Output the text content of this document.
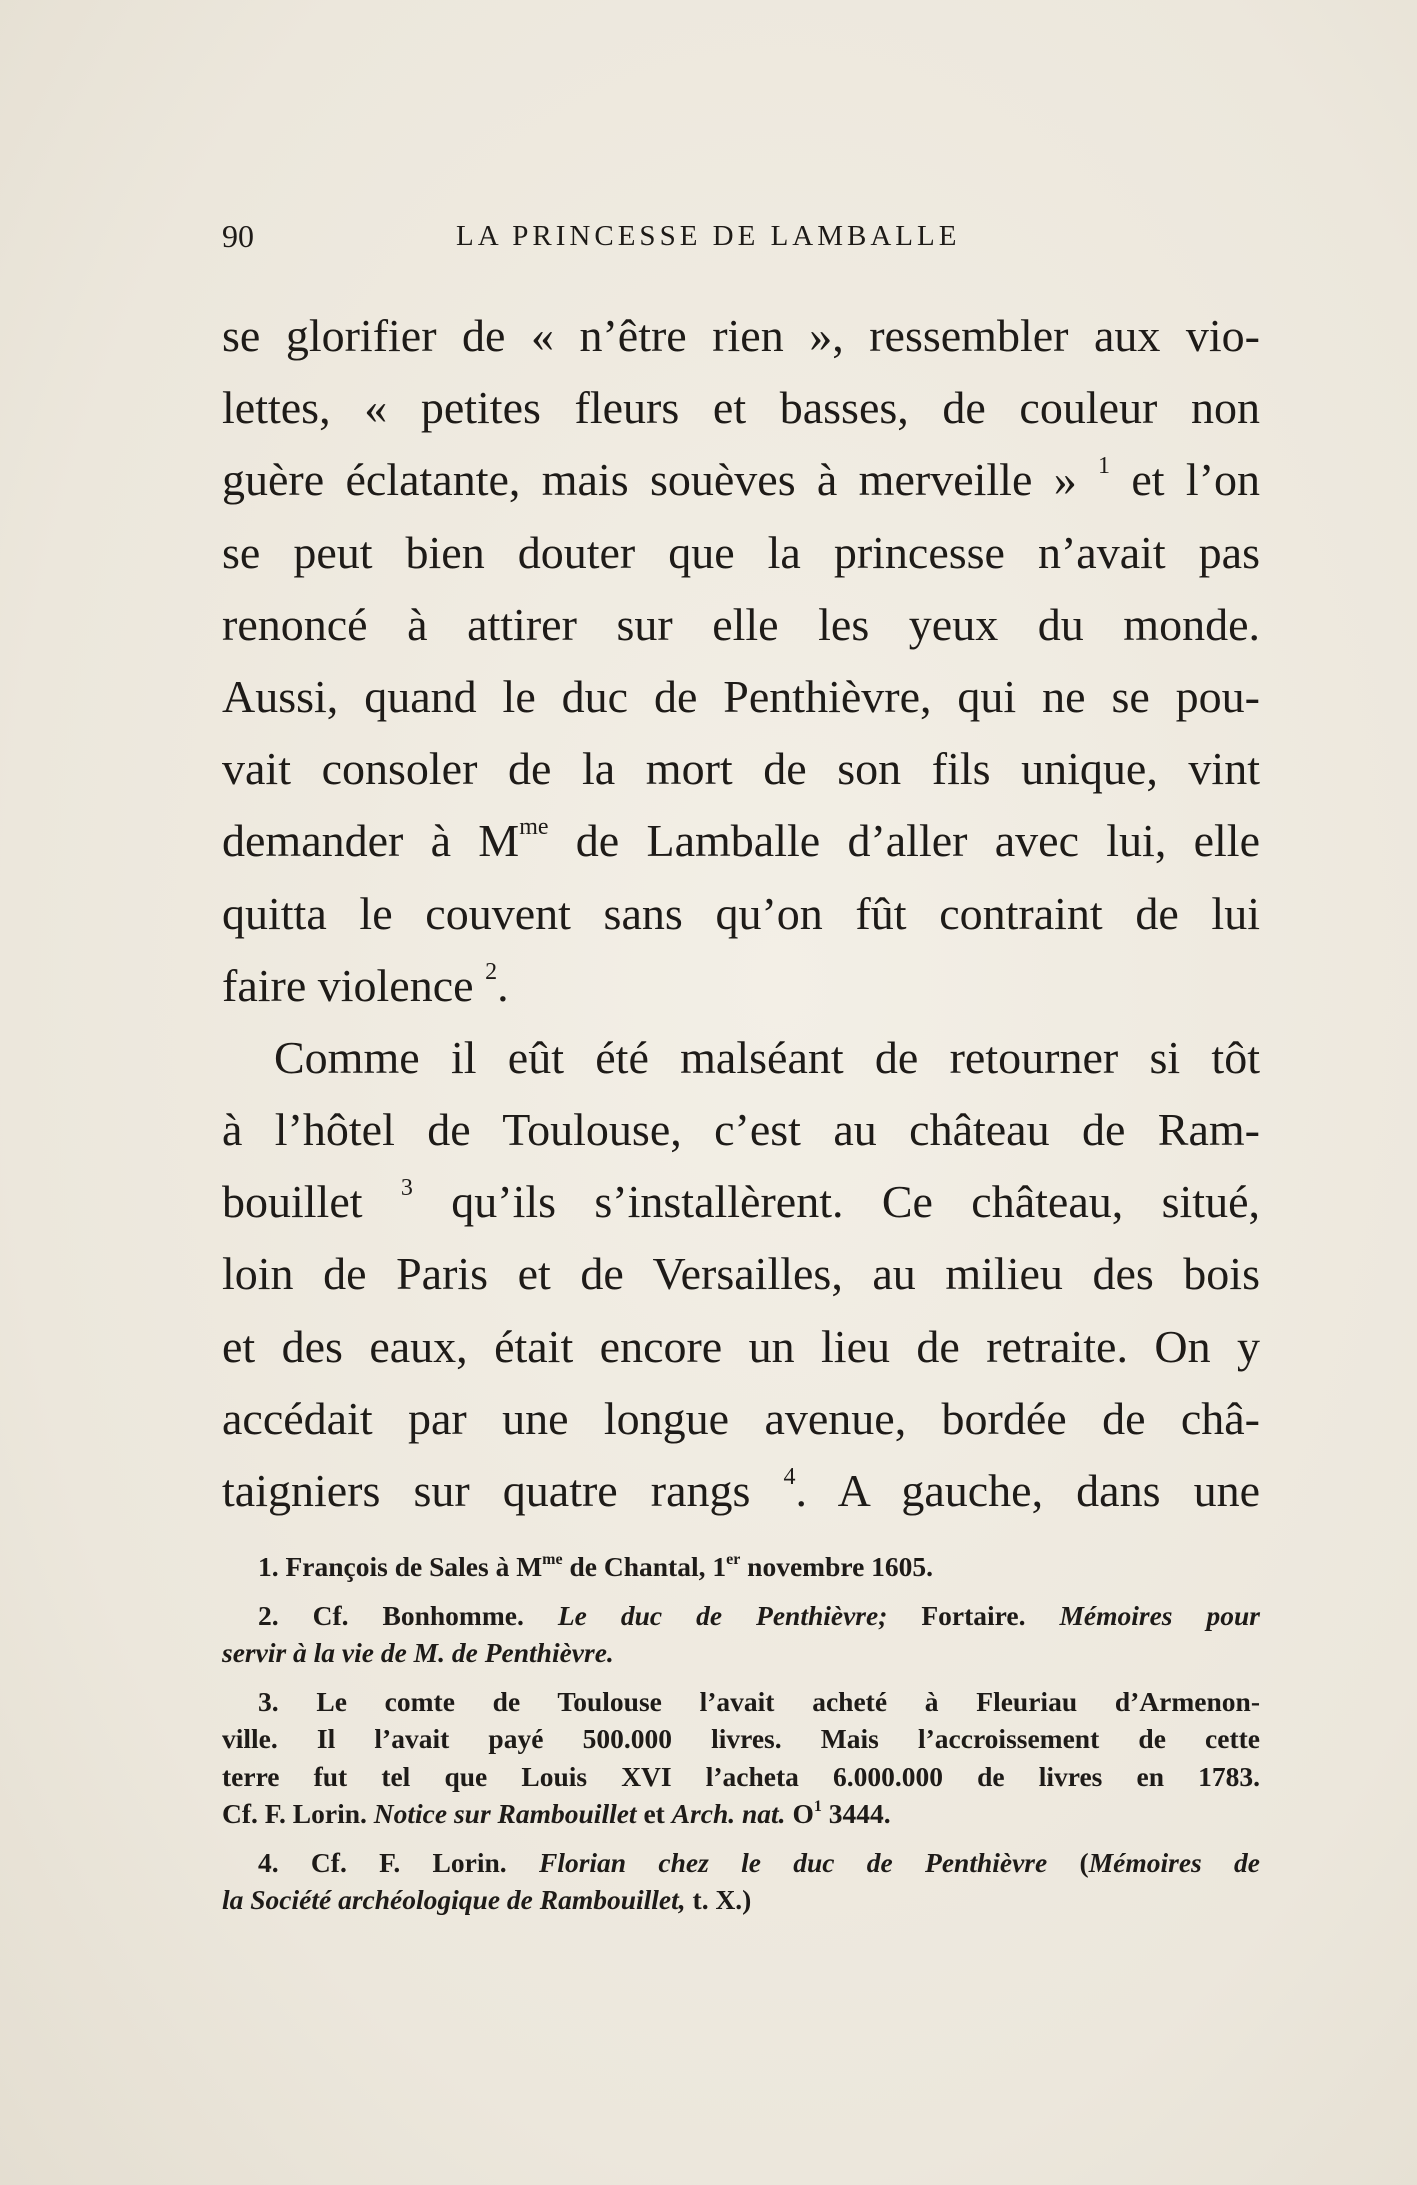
90	LA PRINCESSE DE LAMBALLE
se glorifier de « n’être rien », ressembler aux vio-
lettes, « petites fleurs et basses, de couleur non
guère éclatante, mais souèves à merveille » $^1$ et l’on
se peut bien douter que la princesse n’avait pas
renoncé à attirer sur elle les yeux du monde.
Aussi, quand le duc de Penthièvre, qui ne se pou-
vait consoler de la mort de son fils unique, vint
demander à $M^{me}$ de Lamballe d’aller avec lui, elle
quitta le couvent sans qu’on fût contraint de lui
faire violence $^2$.
Comme il eût été malséant de retourner si tôt
à l’hôtel de Toulouse, c’est au château de Ram-
bouillet $^3$ qu’ils s’installèrent. Ce château, situé,
loin de Paris et de Versailles, au milieu des bois
et des eaux, était encore un lieu de retraite. On y
accédait par une longue avenue, bordée de châ-
taigniers sur quatre rangs $^4$. A gauche, dans une
1. François de Sales à $M^{me}$ de Chantal, 1er novembre 1605.
2. Cf. Bonhomme. Le duc de Penthièvre; Fortaire. Mémoires pour
servir à la vie de M. de Penthièvre.
3. Le comte de Toulouse l’avait acheté à Fleuriau d’Armenon-
ville. Il l’avait payé 500.000 livres. Mais l’accroissement de cette
terre fut tel que Louis XVI l’acheta 6.000.000 de livres en 1783.
Cf. F. Lorin. Notice sur Rambouillet et Arch. nat. $O^1$ 3444.
4. Cf. F. Lorin. Florian chez le duc de Penthièvre (Mémoires de
la Société archéologique de Rambouillet, t. X.)
